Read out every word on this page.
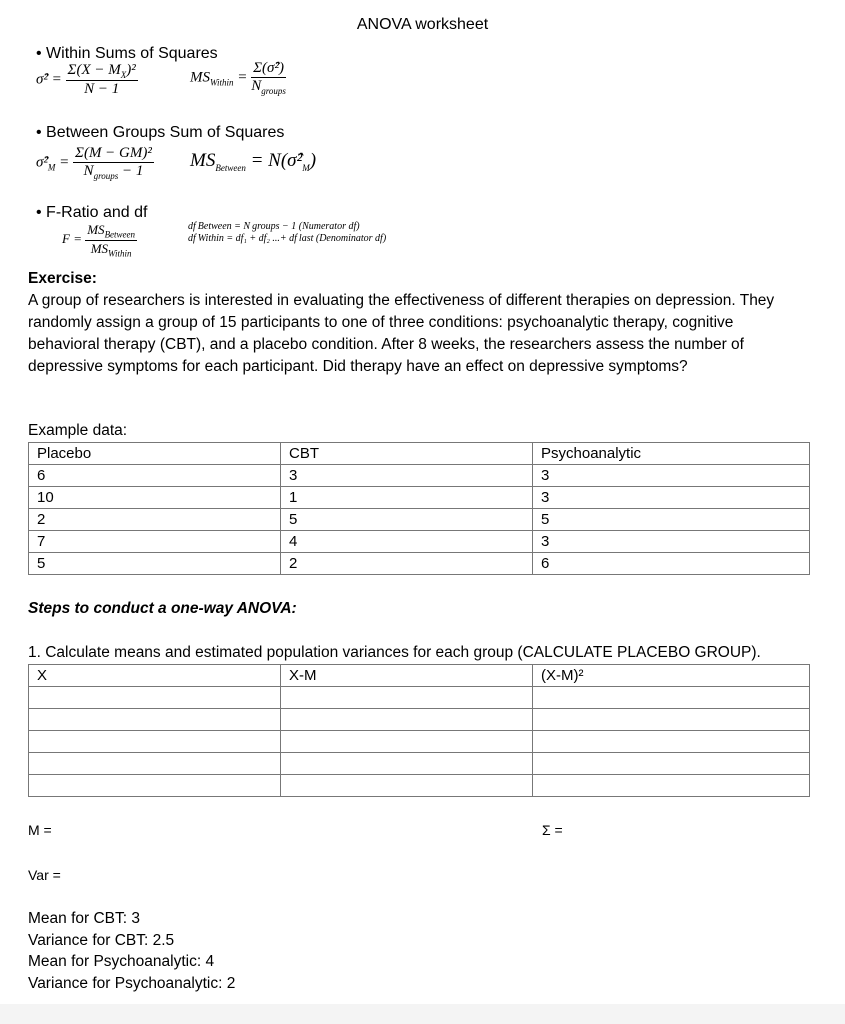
ANOVA worksheet
• Within Sums of Squares
σ̂² = $\frac{\Sigma(X - M_X)^2}{N - 1}$	$MS_{Within} = \frac{\text{Σ(σ̂²)}}{N_{groups}}$
• Between Groups Sum of Squares
$\sigmâ^2_M = \frac{\text{Σ(M − GM)²}}{N_{groups} - 1} MS_{Between}$ = $N(\sigmâ^2_M)$
• F-Ratio and df
$F = \frac{MS_{Between}}{MS_{Within}}$	df Between = N groups − 1 (Numerator df)
df Within = df₁ + df₂ ...+ df last (Denominator df)
Exercise:
A group of researchers is interested in evaluating the effectiveness of different therapies on depression. They randomly assign a group of 15 participants to one of three conditions: psychoanalytic therapy, cognitive behavioral therapy (CBT), and a placebo condition. After 8 weeks, the researchers assess the number of depressive symptoms for each participant. Did therapy have an effect on depressive symptoms?
Example data:
Placebo	CBT	Psychoanalytic
6	3	3
10	1	3
2	5	5
7	4	3
5	2	6
Steps to conduct a one-way ANOVA:
1. Calculate means and estimated population variances for each group (CALCULATE PLACEBO GROUP).
X	X-M	(X-M)²

M =	Σ =
Var =
Mean for CBT: 3
Variance for CBT: 2.5
Mean for Psychoanalytic: 4
Variance for Psychoanalytic: 2
